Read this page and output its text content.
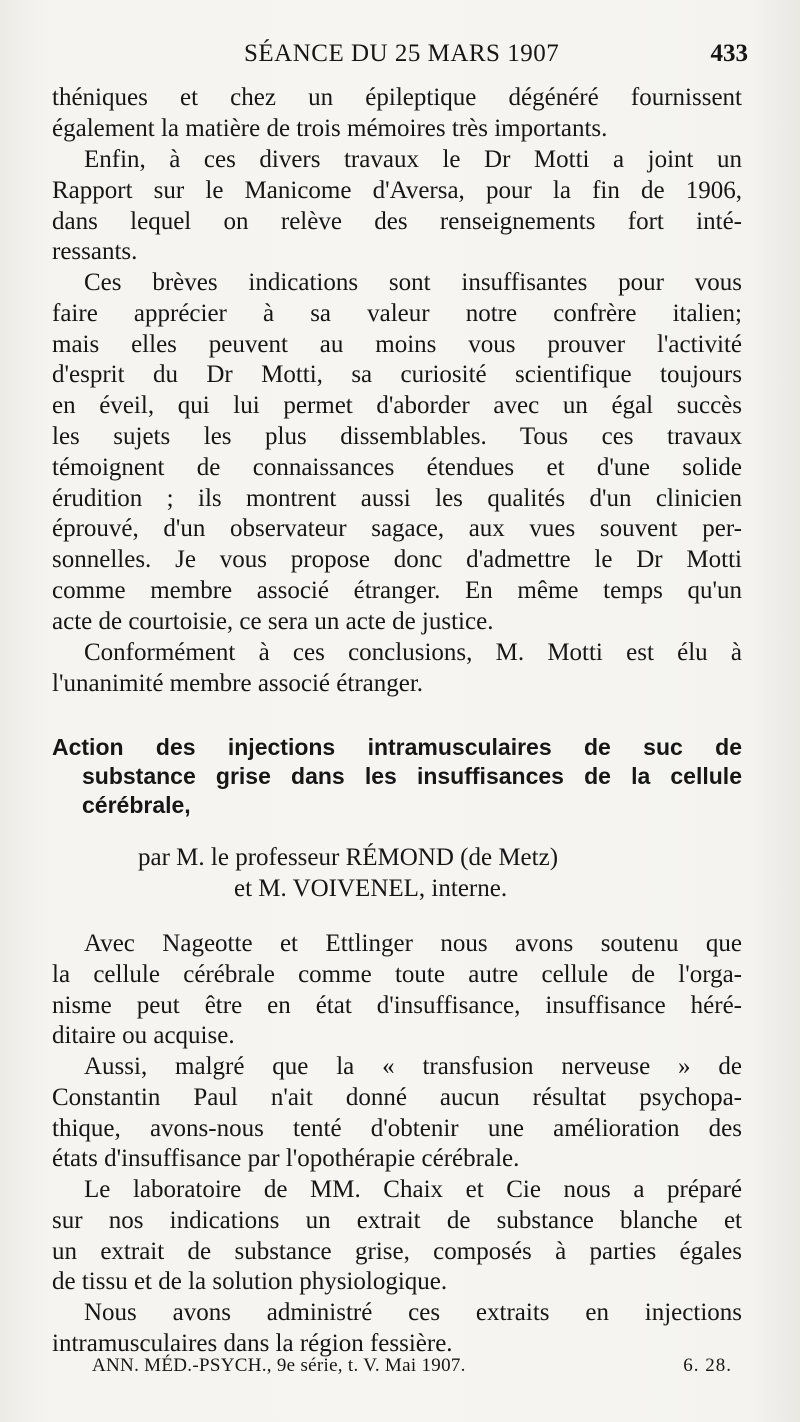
SÉANCE DU 25 MARS 1907	433
théniques et chez un épileptique dégénéré fournissent
également la matière de trois mémoires très importants.
Enfin, à ces divers travaux le Dr Motti a joint un
Rapport sur le Manicome d'Aversa, pour la fin de 1906,
dans lequel on relève des renseignements fort inté-
ressants.
Ces brèves indications sont insuffisantes pour vous
faire apprécier à sa valeur notre confrère italien;
mais elles peuvent au moins vous prouver l'activité
d'esprit du Dr Motti, sa curiosité scientifique toujours
en éveil, qui lui permet d'aborder avec un égal succès
les sujets les plus dissemblables. Tous ces travaux
témoignent de connaissances étendues et d'une solide
érudition ; ils montrent aussi les qualités d'un clinicien
éprouvé, d'un observateur sagace, aux vues souvent per-
sonnelles. Je vous propose donc d'admettre le Dr Motti
comme membre associé étranger. En même temps qu'un
acte de courtoisie, ce sera un acte de justice.
Conformément à ces conclusions, M. Motti est élu à
l'unanimité membre associé étranger.
Action des injections intramusculaires de suc de
substance grise dans les insuffisances de la cellule
cérébrale,
par M. le professeur RÉMOND (de Metz)
et M. VOIVENEL, interne.
Avec Nageotte et Ettlinger nous avons soutenu que
la cellule cérébrale comme toute autre cellule de l'orga-
nisme peut être en état d'insuffisance, insuffisance héré-
ditaire ou acquise.
Aussi, malgré que la « transfusion nerveuse » de
Constantin Paul n'ait donné aucun résultat psychopa-
thique, avons-nous tenté d'obtenir une amélioration des
états d'insuffisance par l'opothérapie cérébrale.
Le laboratoire de MM. Chaix et Cie nous a préparé
sur nos indications un extrait de substance blanche et
un extrait de substance grise, composés à parties égales
de tissu et de la solution physiologique.
Nous avons administré ces extraits en injections
intramusculaires dans la région fessière.
ANN. MÉD.-PSYCH., 9e série, t. V. Mai 1907.	6. 28.
